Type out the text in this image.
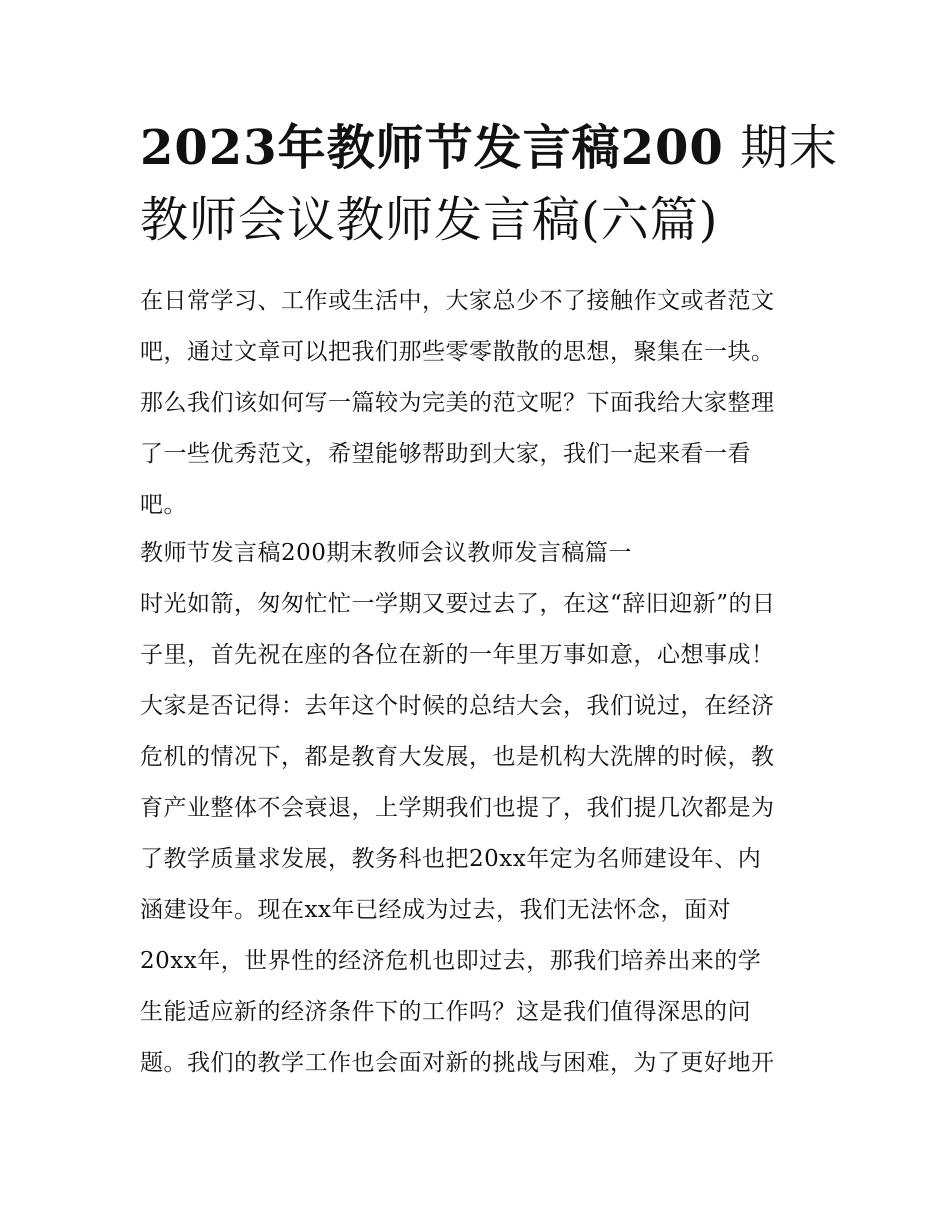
2023年教师节发言稿200 期末
教师会议教师发言稿(六篇)
在日常学习、工作或生活中，大家总少不了接触作文或者范文
吧，通过文章可以把我们那些零零散散的思想，聚集在一块。
那么我们该如何写一篇较为完美的范文呢？下面我给大家整理
了一些优秀范文，希望能够帮助到大家，我们一起来看一看
吧。
教师节发言稿200期末教师会议教师发言稿篇一
时光如箭，匆匆忙忙一学期又要过去了，在这“辞旧迎新”的日
子里，首先祝在座的各位在新的一年里万事如意，心想事成！
大家是否记得：去年这个时候的总结大会，我们说过，在经济
危机的情况下，都是教育大发展，也是机构大洗牌的时候，教
育产业整体不会衰退，上学期我们也提了，我们提几次都是为
了教学质量求发展，教务科也把20xx年定为名师建设年、内
涵建设年。现在xx年已经成为过去，我们无法怀念，面对
20xx年，世界性的经济危机也即过去，那我们培养出来的学
生能适应新的经济条件下的工作吗？这是我们值得深思的问
题。我们的教学工作也会面对新的挑战与困难，为了更好地开
